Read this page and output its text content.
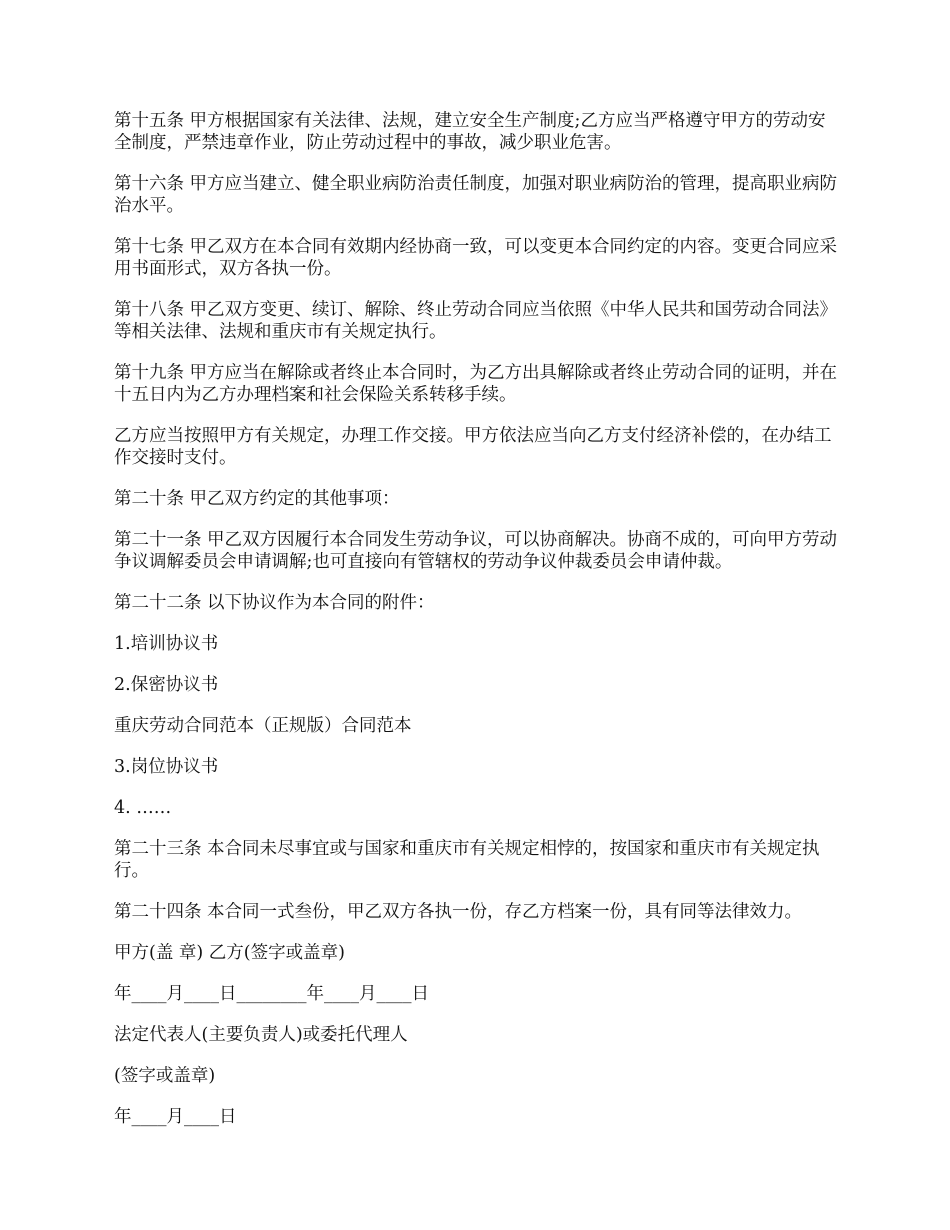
第十五条 甲方根据国家有关法律、法规，建立安全生产制度;乙方应当严格遵守甲方的劳动安全制度，严禁违章作业，防止劳动过程中的事故，减少职业危害。

第十六条 甲方应当建立、健全职业病防治责任制度，加强对职业病防治的管理，提高职业病防治水平。

第十七条 甲乙双方在本合同有效期内经协商一致，可以变更本合同约定的内容。变更合同应采用书面形式，双方各执一份。

第十八条 甲乙双方变更、续订、解除、终止劳动合同应当依照《中华人民共和国劳动合同法》等相关法律、法规和重庆市有关规定执行。

第十九条 甲方应当在解除或者终止本合同时，为乙方出具解除或者终止劳动合同的证明，并在十五日内为乙方办理档案和社会保险关系转移手续。

乙方应当按照甲方有关规定，办理工作交接。甲方依法应当向乙方支付经济补偿的，在办结工作交接时支付。

第二十条 甲乙双方约定的其他事项：

第二十一条 甲乙双方因履行本合同发生劳动争议，可以协商解决。协商不成的，可向甲方劳动争议调解委员会申请调解;也可直接向有管辖权的劳动争议仲裁委员会申请仲裁。

第二十二条 以下协议作为本合同的附件：

1.培训协议书

2.保密协议书

重庆劳动合同范本（正规版）合同范本

3.岗位协议书

4. ……

第二十三条 本合同未尽事宜或与国家和重庆市有关规定相悖的，按国家和重庆市有关规定执行。

第二十四条 本合同一式叁份，甲乙双方各执一份，存乙方档案一份，具有同等法律效力。

甲方(盖 章) 乙方(签字或盖章)

年____月____日________年____月____日

法定代表人(主要负责人)或委托代理人

(签字或盖章)

年____月____日
